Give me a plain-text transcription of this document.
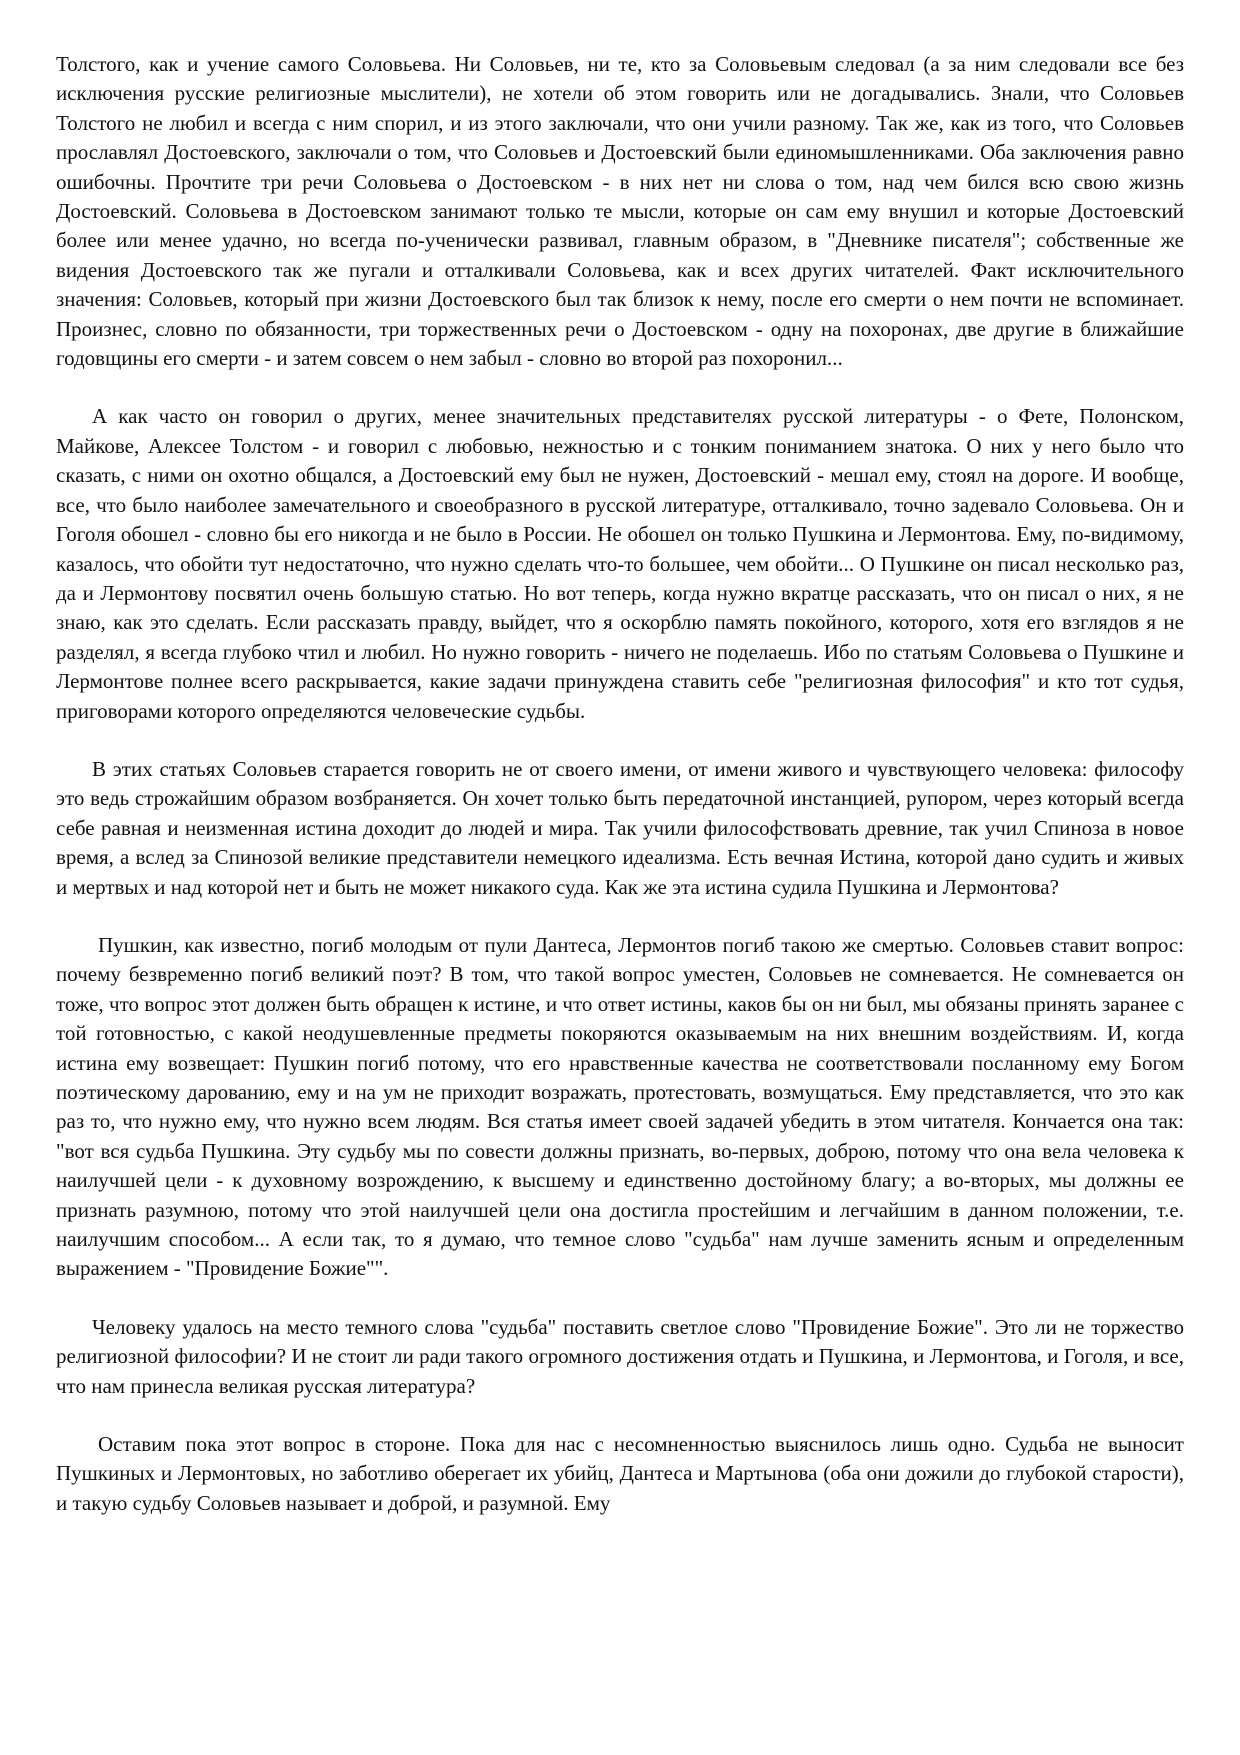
Толстого, как и учение самого Соловьева. Ни Соловьев, ни те, кто за Соловьевым следовал (а за ним следовали все без исключения русские религиозные мыслители), не хотели об этом говорить или не догадывались. Знали, что Соловьев Толстого не любил и всегда с ним спорил, и из этого заключали, что они учили разному. Так же, как из того, что Соловьев прославлял Достоевского, заключали о том, что Соловьев и Достоевский были единомышленниками. Оба заключения равно ошибочны. Прочтите три речи Соловьева о Достоевском - в них нет ни слова о том, над чем бился всю свою жизнь Достоевский. Соловьева в Достоевском занимают только те мысли, которые он сам ему внушил и которые Достоевский более или менее удачно, но всегда по-ученически развивал, главным образом, в "Дневнике писателя"; собственные же видения Достоевского так же пугали и отталкивали Соловьева, как и всех других читателей. Факт исключительного значения: Соловьев, который при жизни Достоевского был так близок к нему, после его смерти о нем почти не вспоминает. Произнес, словно по обязанности, три торжественных речи о Достоевском - одну на похоронах, две другие в ближайшие годовщины его смерти - и затем совсем о нем забыл - словно во второй раз похоронил...

А как часто он говорил о других, менее значительных представителях русской литературы - о Фете, Полонском, Майкове, Алексее Толстом - и говорил с любовью, нежностью и с тонким пониманием знатока. О них у него было что сказать, с ними он охотно общался, а Достоевский ему был не нужен, Достоевский - мешал ему, стоял на дороге. И вообще, все, что было наиболее замечательного и своеобразного в русской литературе, отталкивало, точно задевало Соловьева. Он и Гоголя обошел - словно бы его никогда и не было в России. Не обошел он только Пушкина и Лермонтова. Ему, по-видимому, казалось, что обойти тут недостаточно, что нужно сделать что-то большее, чем обойти... О Пушкине он писал несколько раз, да и Лермонтову посвятил очень большую статью. Но вот теперь, когда нужно вкратце рассказать, что он писал о них, я не знаю, как это сделать. Если рассказать правду, выйдет, что я оскорблю память покойного, которого, хотя его взглядов я не разделял, я всегда глубоко чтил и любил. Но нужно говорить - ничего не поделаешь. Ибо по статьям Соловьева о Пушкине и Лермонтове полнее всего раскрывается, какие задачи принуждена ставить себе "религиозная философия" и кто тот судья, приговорами которого определяются человеческие судьбы.

В этих статьях Соловьев старается говорить не от своего имени, от имени живого и чувствующего человека: философу это ведь строжайшим образом возбраняется. Он хочет только быть передаточной инстанцией, рупором, через который всегда себе равная и неизменная истина доходит до людей и мира. Так учили философствовать древние, так учил Спиноза в новое время, а вслед за Спинозой великие представители немецкого идеализма. Есть вечная Истина, которой дано судить и живых и мертвых и над которой нет и быть не может никакого суда. Как же эта истина судила Пушкина и Лермонтова?

Пушкин, как известно, погиб молодым от пули Дантеса, Лермонтов погиб такою же смертью. Соловьев ставит вопрос: почему безвременно погиб великий поэт? В том, что такой вопрос уместен, Соловьев не сомневается. Не сомневается он тоже, что вопрос этот должен быть обращен к истине, и что ответ истины, каков бы он ни был, мы обязаны принять заранее с той готовностью, с какой неодушевленные предметы покоряются оказываемым на них внешним воздействиям. И, когда истина ему возвещает: Пушкин погиб потому, что его нравственные качества не соответствовали посланному ему Богом поэтическому дарованию, ему и на ум не приходит возражать, протестовать, возмущаться. Ему представляется, что это как раз то, что нужно ему, что нужно всем людям. Вся статья имеет своей задачей убедить в этом читателя. Кончается она так: "вот вся судьба Пушкина. Эту судьбу мы по совести должны признать, во-первых, доброю, потому что она вела человека к наилучшей цели - к духовному возрождению, к высшему и единственно достойному благу; а во-вторых, мы должны ее признать разумною, потому что этой наилучшей цели она достигла простейшим и легчайшим в данном положении, т.е. наилучшим способом... А если так, то я думаю, что темное слово "судьба" нам лучше заменить ясным и определенным выражением - "Провидение Божие"".

Человеку удалось на место темного слова "судьба" поставить светлое слово "Провидение Божие". Это ли не торжество религиозной философии? И не стоит ли ради такого огромного достижения отдать и Пушкина, и Лермонтова, и Гоголя, и все, что нам принесла великая русская литература?

Оставим пока этот вопрос в стороне. Пока для нас с несомненностью выяснилось лишь одно. Судьба не выносит Пушкиных и Лермонтовых, но заботливо оберегает их убийц, Дантеса и Мартынова (оба они дожили до глубокой старости), и такую судьбу Соловьев называет и доброй, и разумной. Ему
